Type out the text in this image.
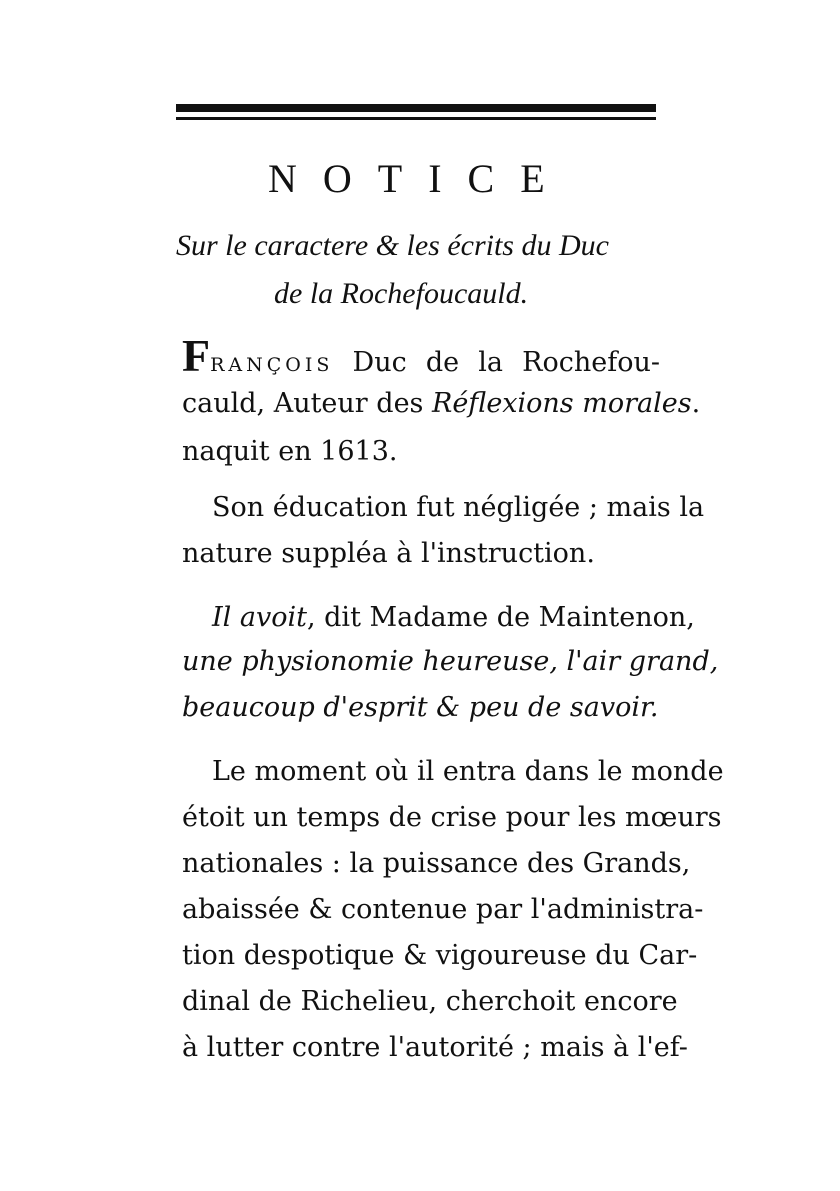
NOTICE
Sur le caractere & les écrits du Duc
de la Rochefoucauld.
FRANÇOIS Duc de la Rochefou-
cauld, Auteur des Réflexions morales.
naquit en 1613.
Son éducation fut négligée ; mais la
nature suppléa à l'instruction.
Il avoit, dit Madame de Maintenon,
une physionomie heureuse, l'air grand,
beaucoup d'esprit & peu de savoir.
Le moment où il entra dans le monde
étoit un temps de crise pour les mœurs
nationales : la puissance des Grands,
abaissée & contenue par l'administra-
tion despotique & vigoureuse du Car-
dinal de Richelieu, cherchoit encore
à lutter contre l'autorité ; mais à l'ef-
